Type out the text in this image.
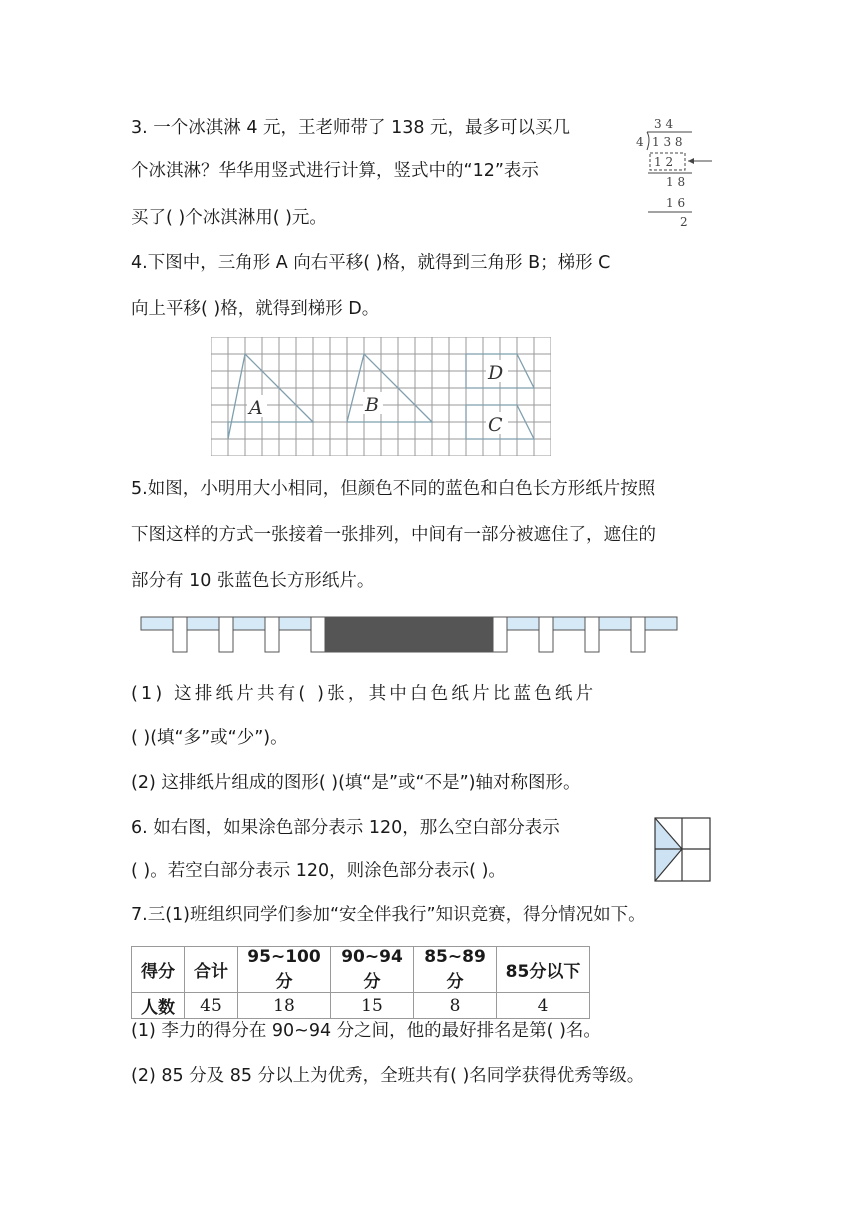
3. 一个冰淇淋 4 元，王老师带了 138 元，最多可以买几
个冰淇淋？华华用竖式进行计算，竖式中的“12”表示
买了( )个冰淇淋用( )元。
3 4
4 1 3 8
1 2
1 8
1 6
2
4.下图中，三角形 A 向右平移( )格，就得到三角形 B；梯形 C
向上平移( )格，就得到梯形 D。
A	B
D
C
5.如图，小明用大小相同，但颜色不同的蓝色和白色长方形纸片按照
下图这样的方式一张接着一张排列，中间有一部分被遮住了，遮住的
部分有 10 张蓝色长方形纸片。
(1) 这排纸片共有( )张，其中白色纸片比蓝色纸片
( )(填“多”或“少”)。
(2) 这排纸片组成的图形( )(填“是”或“不是”)轴对称图形。
6. 如右图，如果涂色部分表示 120，那么空白部分表示
( )。若空白部分表示 120，则涂色部分表示( )。
7.三(1)班组织同学们参加“安全伴我行”知识竞赛，得分情况如下。
得分	合计	95~100分	90~94分	85~89分	85分以下
人数	45	18	15	8	4
(1) 李力的得分在 90~94 分之间，他的最好排名是第( )名。
(2) 85 分及 85 分以上为优秀，全班共有( )名同学获得优秀等级。
